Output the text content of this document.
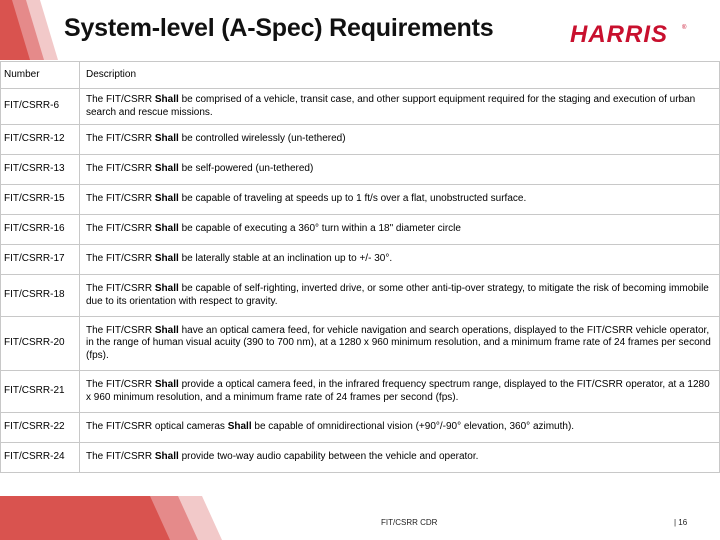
System-level (A-Spec) Requirements	HARRIS ®
Number	Description
FIT/CSRR-6	The FIT/CSRR Shall be comprised of a vehicle, transit case, and other support equipment required for the staging and execution of urban search and rescue missions.
FIT/CSRR-12	The FIT/CSRR Shall be controlled wirelessly (un-tethered)
FIT/CSRR-13	The FIT/CSRR Shall be self-powered (un-tethered)
FIT/CSRR-15	The FIT/CSRR Shall be capable of traveling at speeds up to 1 ft/s over a flat, unobstructed surface.
FIT/CSRR-16	The FIT/CSRR Shall be capable of executing a 360° turn within a 18" diameter circle
FIT/CSRR-17	The FIT/CSRR Shall be laterally stable at an inclination up to +/- 30°.
FIT/CSRR-18	The FIT/CSRR Shall be capable of self-righting, inverted drive, or some other anti-tip-over strategy, to mitigate the risk of becoming immobile due to its orientation with respect to gravity.
FIT/CSRR-20	The FIT/CSRR Shall have an optical camera feed, for vehicle navigation and search operations, displayed to the FIT/CSRR vehicle operator, in the range of human visual acuity (390 to 700 nm), at a 1280 x 960 minimum resolution, and a minimum frame rate of 24 frames per second (fps).
FIT/CSRR-21	The FIT/CSRR Shall provide a optical camera feed, in the infrared frequency spectrum range, displayed to the FIT/CSRR operator, at a 1280 x 960 minimum resolution, and a minimum frame rate of 24 frames per second (fps).
FIT/CSRR-22	The FIT/CSRR optical cameras Shall be capable of omnidirectional vision (+90°/-90° elevation, 360° azimuth).
FIT/CSRR-24	The FIT/CSRR Shall provide two-way audio capability between the vehicle and operator.
FIT/CSRR CDR	| 16
